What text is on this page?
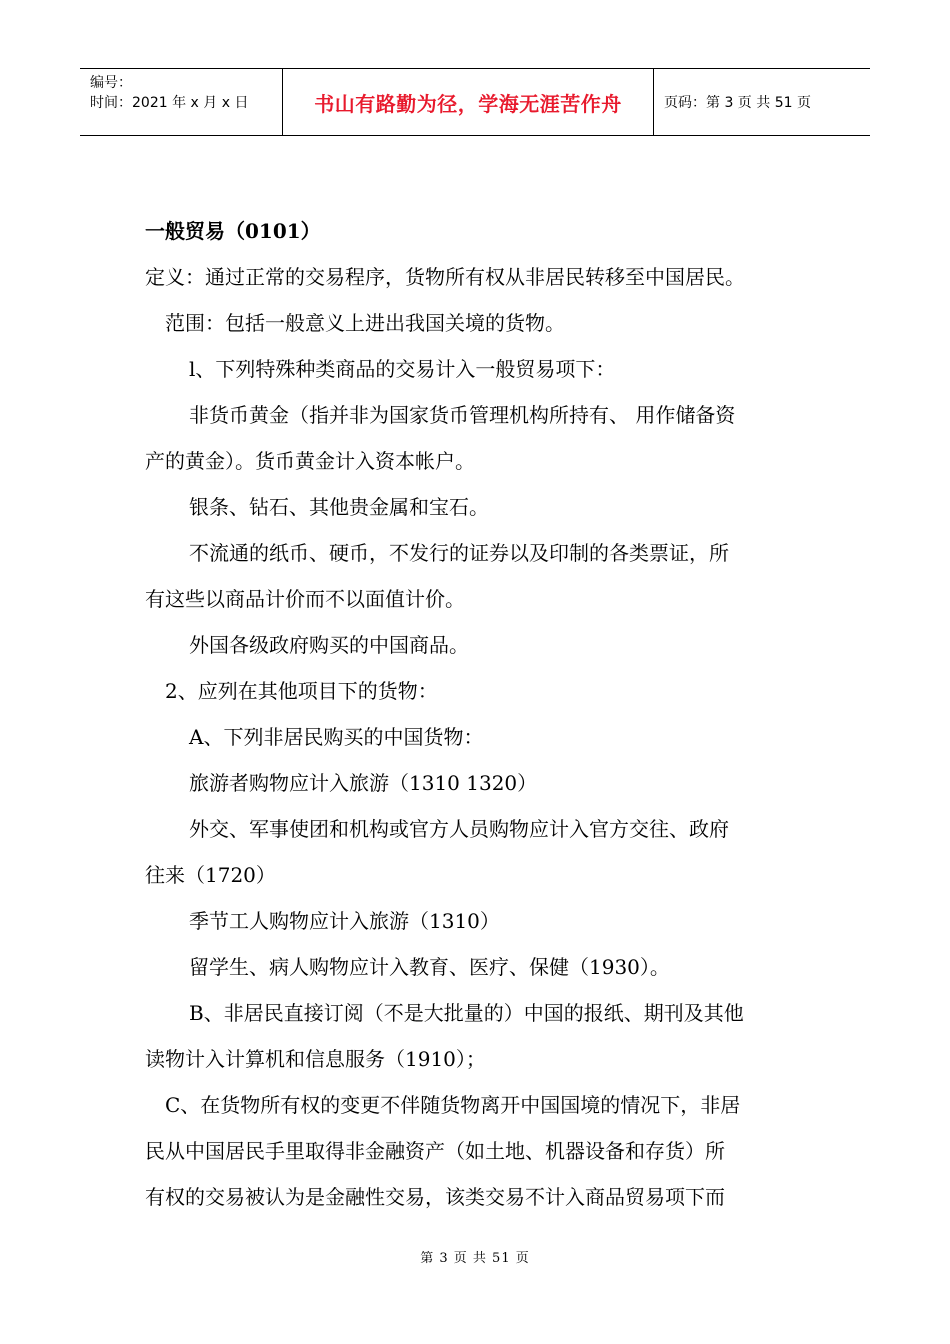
编号：
时间：2021 年 x 月 x 日	书山有路勤为径，学海无涯苦作舟	页码：第 3 页 共 51 页

一般贸易（0101）

定义：通过正常的交易程序，货物所有权从非居民转移至中国居民。

范围：包括一般意义上进出我国关境的货物。

l、下列特殊种类商品的交易计入一般贸易项下：

非货币黄金（指并非为国家货币管理机构所持有、 用作储备资

产的黄金）。货币黄金计入资本帐户。

银条、钻石、其他贵金属和宝石。

不流通的纸币、硬币，不发行的证券以及印制的各类票证，所

有这些以商品计价而不以面值计价。

外国各级政府购买的中国商品。

2、应列在其他项目下的货物：

A、下列非居民购买的中国货物：

旅游者购物应计入旅游（1310 1320）

外交、军事使团和机构或官方人员购物应计入官方交往、政府

往来（1720）

季节工人购物应计入旅游（1310）

留学生、病人购物应计入教育、医疗、保健（1930）。

B、非居民直接订阅（不是大批量的）中国的报纸、期刊及其他

读物计入计算机和信息服务（1910）；

C、在货物所有权的变更不伴随货物离开中国国境的情况下，非居

民从中国居民手里取得非金融资产（如土地、机器设备和存货）所

有权的交易被认为是金融性交易，该类交易不计入商品贸易项下而

第 3 页 共 51 页
